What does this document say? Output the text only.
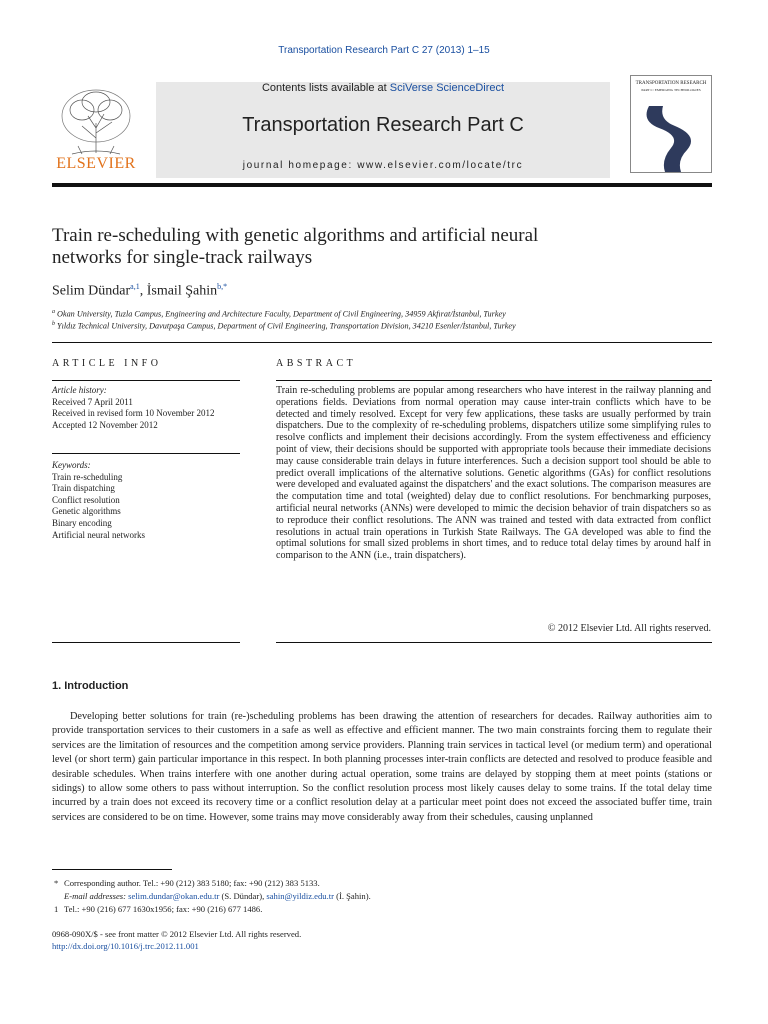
Transportation Research Part C 27 (2013) 1–15
ELSEVIER
Contents lists available at SciVerse ScienceDirect
Transportation Research Part C
journal homepage: www.elsevier.com/locate/trc
TRANSPORTATION RESEARCH
PART C: EMERGING TECHNOLOGIES
Train re-scheduling with genetic algorithms and artificial neural
networks for single-track railways
Selim Dündar$^{a,1}$, İsmail Şahin$^{b,*}$
$^a$ Okan University, Tuzla Campus, Engineering and Architecture Faculty, Department of Civil Engineering, 34959 Akfırat/İstanbul, Turkey
$^b$ Yıldız Technical University, Davutpaşa Campus, Department of Civil Engineering, Transportation Division, 34210 Esenler/İstanbul, Turkey
ARTICLE INFO	ABSTRACT
Article history:
Received 7 April 2011
Received in revised form 10 November 2012
Accepted 12 November 2012
Keywords:
Train re-scheduling
Train dispatching
Conflict resolution
Genetic algorithms
Binary encoding
Artificial neural networks
Train re-scheduling problems are popular among researchers who have interest in the railway planning and operations fields. Deviations from normal operation may cause inter-train conflicts which have to be detected and timely resolved. Except for very few applications, these tasks are usually performed by train dispatchers. Due to the complexity of re-scheduling problems, dispatchers utilize some simplifying rules to resolve conflicts and implement their decisions accordingly. From the system effectiveness and efficiency point of view, their decisions should be supported with appropriate tools because their immediate decisions may cause considerable train delays in future interferences. Such a decision support tool should be able to predict overall implications of the alternative solutions. Genetic algorithms (GAs) for conflict resolutions were developed and evaluated against the dispatchers' and the exact solutions. The comparison measures are the computation time and total (weighted) delay due to conflict resolutions. For benchmarking purposes, artificial neural networks (ANNs) were developed to mimic the decision behavior of train dispatchers so as to reproduce their conflict resolutions. The ANN was trained and tested with data extracted from conflict resolutions in actual train operations in Turkish State Railways. The GA developed was able to find the optimal solutions for small sized problems in short times, and to reduce total delay times by around half in comparison to the ANN (i.e., train dispatchers).
© 2012 Elsevier Ltd. All rights reserved.
1. Introduction
Developing better solutions for train (re-)scheduling problems has been drawing the attention of researchers for decades. Railway authorities aim to provide transportation services to their customers in a safe as well as effective and efficient manner. The two main constraints forcing them to regulate their services are the limitation of resources and the competition among service providers. Planning train services in tactical level (or medium term) and operational level (or short term) gain particular importance in this respect. In both planning processes inter-train conflicts are detected and resolved to produce feasible and desirable schedules. When trains interfere with one another during actual operation, some trains are delayed by stopping them at meet points (stations or sidings) to allow some others to pass without interruption. So the conflict resolution process most likely causes delay to some trains. If the total delay time incurred by a train does not exceed its recovery time or a conflict resolution delay at a particular meet point does not exceed the associated buffer time, train services are considered to be on time. However, some trains may move considerably away from their schedules, causing unplanned
* Corresponding author. Tel.: +90 (212) 383 5180; fax: +90 (212) 383 5133.
E-mail addresses: selim.dundar@okan.edu.tr (S. Dündar), sahin@yildiz.edu.tr (İ. Şahin).
1 Tel.: +90 (216) 677 1630x1956; fax: +90 (216) 677 1486.
0968-090X/$ - see front matter © 2012 Elsevier Ltd. All rights reserved.
http://dx.doi.org/10.1016/j.trc.2012.11.001
